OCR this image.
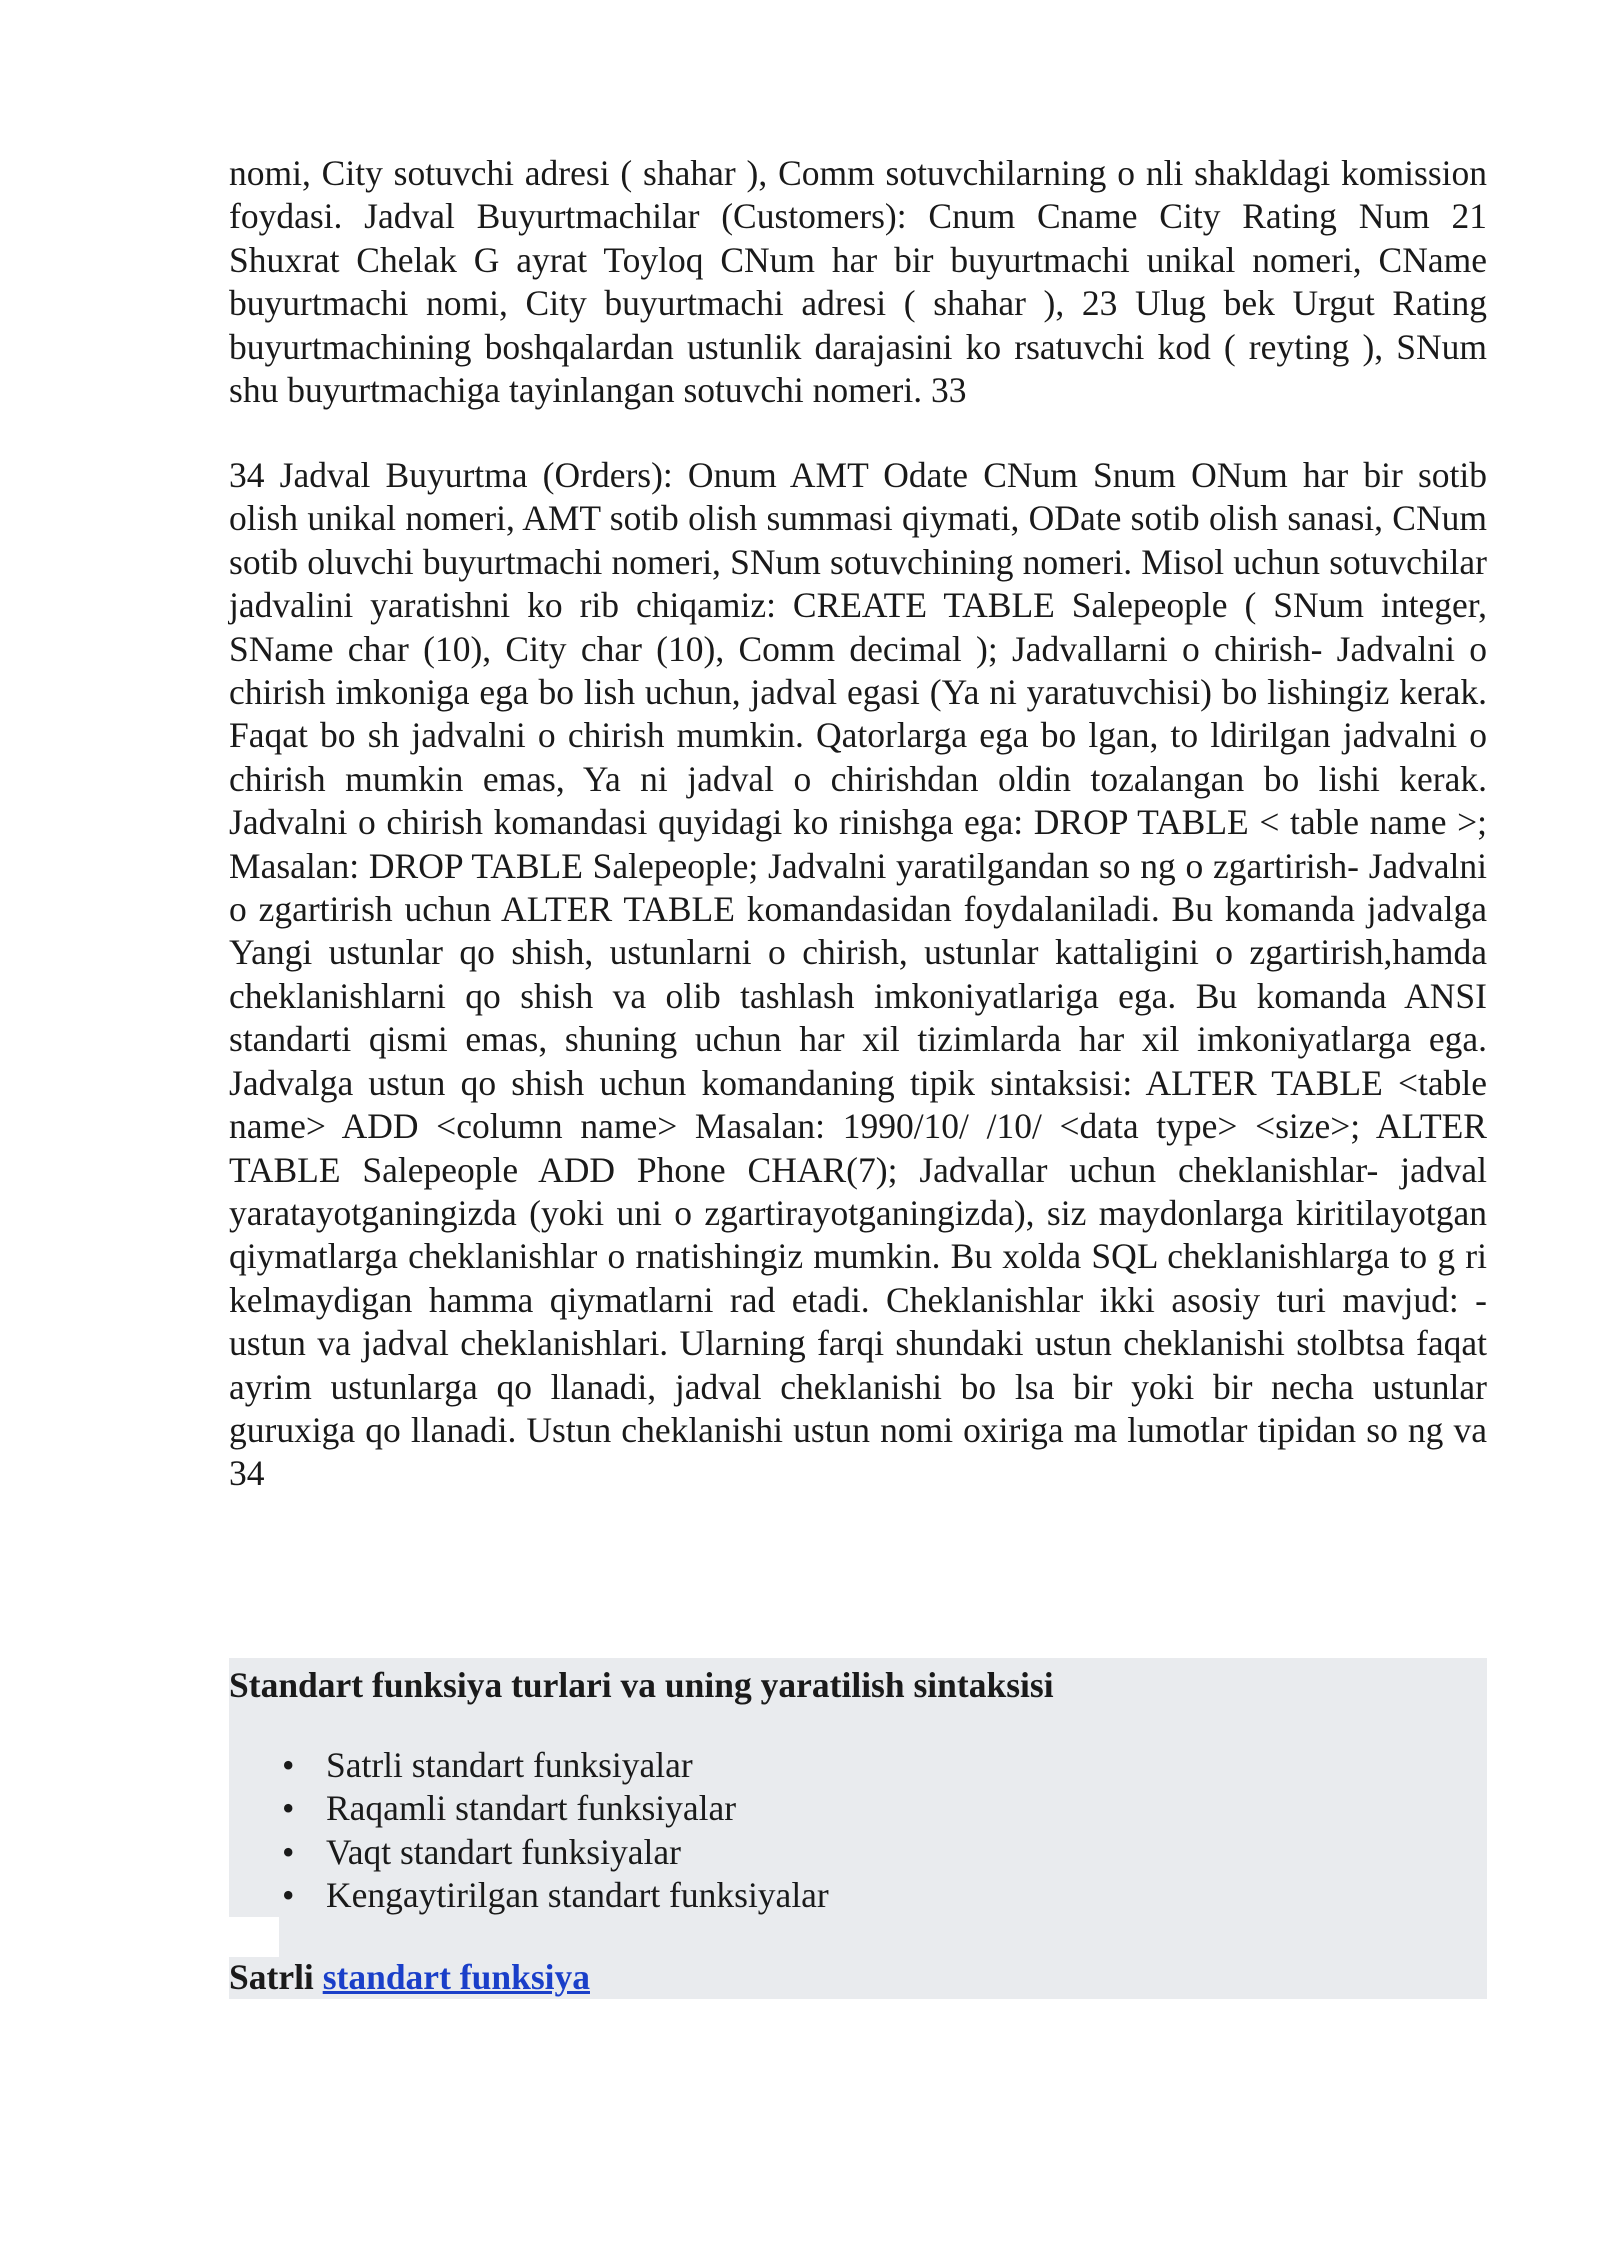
nomi, City sotuvchi adresi ( shahar ), Comm sotuvchilarning o nli shakldagi komission foydasi. Jadval Buyurtmachilar (Customers): Cnum Cname City Rating Num 21 Shuxrat Chelak G ayrat Toyloq CNum har bir buyurtmachi unikal nomeri, CName buyurtmachi nomi, City buyurtmachi adresi ( shahar ), 23 Ulug bek Urgut Rating buyurtmachining boshqalardan ustunlik darajasini ko rsatuvchi kod ( reyting ), SNum shu buyurtmachiga tayinlangan sotuvchi nomeri. 33

34 Jadval Buyurtma (Orders): Onum AMT Odate CNum Snum ONum har bir sotib olish unikal nomeri, AMT sotib olish summasi qiymati, ODate sotib olish sanasi, CNum sotib oluvchi buyurtmachi nomeri, SNum sotuvchining nomeri. Misol uchun sotuvchilar jadvalini yaratishni ko rib chiqamiz: CREATE TABLE Salepeople ( SNum integer, SName char (10), City char (10), Comm decimal ); Jadvallarni o chirish- Jadvalni o chirish imkoniga ega bo lish uchun, jadval egasi (Ya ni yaratuvchisi) bo lishingiz kerak. Faqat bo sh jadvalni o chirish mumkin. Qatorlarga ega bo lgan, to ldirilgan jadvalni o chirish mumkin emas, Ya ni jadval o chirishdan oldin tozalangan bo lishi kerak. Jadvalni o chirish komandasi quyidagi ko rinishga ega: DROP TABLE < table name >; Masalan: DROP TABLE Salepeople; Jadvalni yaratilgandan so ng o zgartirish- Jadvalni o zgartirish uchun ALTER TABLE komandasidan foydalaniladi. Bu komanda jadvalga Yangi ustunlar qo shish, ustunlarni o chirish, ustunlar kattaligini o zgartirish,hamda cheklanishlarni qo shish va olib tashlash imkoniyatlariga ega. Bu komanda ANSI standarti qismi emas, shuning uchun har xil tizimlarda har xil imkoniyatlarga ega. Jadvalga ustun qo shish uchun komandaning tipik sintaksisi: ALTER TABLE <table name> ADD <column name> Masalan: 1990/10/ /10/ <data type> <size>; ALTER TABLE Salepeople ADD Phone CHAR(7); Jadvallar uchun cheklanishlar- jadval yaratayotganingizda (yoki uni o zgartirayotganingizda), siz maydonlarga kiritilayotgan qiymatlarga cheklanishlar o rnatishingiz mumkin. Bu xolda SQL cheklanishlarga to g ri kelmaydigan hamma qiymatlarni rad etadi. Cheklanishlar ikki asosiy turi mavjud: -ustun va jadval cheklanishlari. Ularning farqi shundaki ustun cheklanishi stolbtsa faqat ayrim ustunlarga qo llanadi, jadval cheklanishi bo lsa bir yoki bir necha ustunlar guruxiga qo llanadi. Ustun cheklanishi ustun nomi oxiriga ma lumotlar tipidan so ng va 34

Standart funksiya turlari va uning yaratilish sintaksisi
• Satrli standart funksiyalar
• Raqamli standart funksiyalar
• Vaqt standart funksiyalar
• Kengaytirilgan standart funksiyalar
Satrli standart funksiya
